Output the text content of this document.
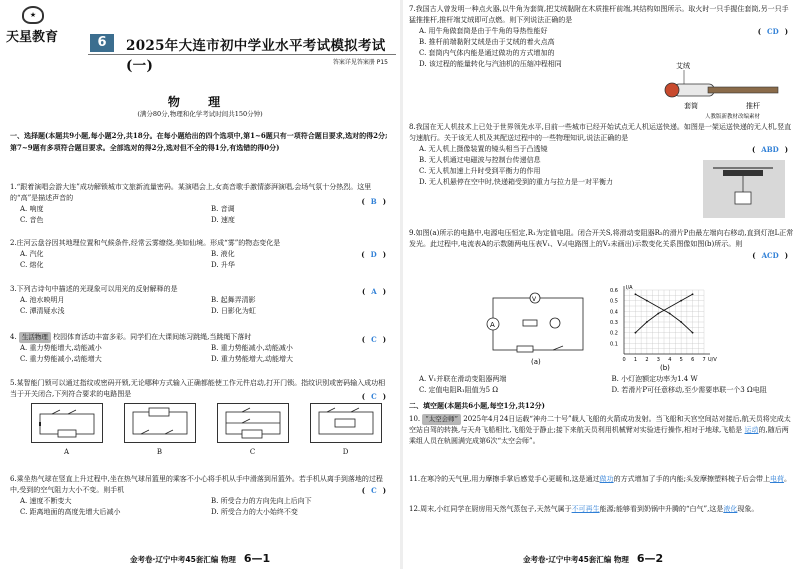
★
天星教育	6	2025年大连市初中学业水平考试模拟考试(一)	答案详见答案册 P15
物 理
(满分80分,物理和化学考试时间共150分钟)
一、选择题(本题共9小题,每小题2分,共18分。在每小题给出的四个选项中,第1~6题只有一项符合题目要求,选对的得2分;第7~9题有多项符合题目要求。全部选对的得2分,选对但不全的得1分,有选错的得0分)
1.“跟着演唱会游大连”成功解锁城市文旅新流量密码。某演唱会上,女高音歌手激情澎湃演唱,会场气氛十分热烈。这里的“高”是描述声音的	( B )
A. 响度	B. 音调
C. 音色	D. 速度
2.庄河云盘谷因其地理位置和气候条件,经常云雾缭绕,美如仙境。形成“雾”的物态变化是
( D )
A. 汽化	B. 液化
C. 熔化	D. 升华
3.下列古诗句中描述的光现象可以用光的反射解释的是	( A )
A. 池水映明月	B. 起舞弄清影
C. 潭清疑水浅	D. 日影化为虹
4. 生活物理 校园体育活动丰富多彩。同学们在大课间练习跳绳,当跳绳下落时	( C )
A. 重力势能增大,动能减小	B. 重力势能减小,动能减小
C. 重力势能减小,动能增大	D. 重力势能增大,动能增大
5.某智能门锁可以通过指纹或密码开锁,无论哪种方式输入正确都能使工作元件启动,打开门锁。指纹识别或密码输入成功相当于开关闭合,下列符合要求的电路图是	( C )
A	B	C	D
6.乘坐热气球在竖直上升过程中,坐在热气球吊篮里的乘客不小心将手机从手中滑落到吊篮外。若手机从离手到落地的过程中,受到的空气阻力大小不变。则手机	( C )
A. 速度不断变大	B. 所受合力的方向先向上后向下
C. 距离地面的高度先增大后减小	D. 所受合力的大小始终不变
金考卷·辽宁中考45套汇编 物理 6—1
7.我国古人曾发明一种点火器,以牛角为套筒,把艾绒黏附在木质推杆前端,其结构如图所示。取火时一只手握住套筒,另一只手猛推推杆,推杆端艾绒即可点燃。则下列说法正确的是
( CD )
A. 用牛角做套筒是由于牛角的导热性能好
B. 推杆前端黏附艾绒是由于艾绒的着火点高
C. 套筒内气体内能是通过做功的方式增加的
D. 该过程的能量转化与汽油机的压缩冲程相同	艾绒
套筒	推杆
人教版新教材改编素材
8.我国在无人机技术上已处于世界领先水平,目前一些城市已经开始试点无人机运送快递。如图是一架运送快递的无人机,竖直匀速航行。关于该无人机及其配送过程中的一些物理知识,说法正确的是
( ABD )
A. 无人机上摄像装置的镜头相当于凸透镜
B. 无人机通过电磁波与控制台传递信息
C. 无人机加速上升时受到平衡力的作用
D. 无人机悬停在空中时,快递箱受到的重力与拉力是一对平衡力
9.如图(a)所示的电路中,电源电压恒定,R₁为定值电阻。闭合开关S,将滑动变阻器R₂的滑片P由最左端向右移动,直到灯泡L正常发光。此过程中,电流表A的示数随两电压表V₁、V₂(电路图上的V₂未画出)示数变化关系图像如图(b)所示。则
( ACD )
A
V
(a)	0 1 2 3 4 5 6 7
0.1
0.2
0.3
0.4
0.5
0.6
U/V
I/A
(b)
A. V₁并联在滑动变阻器两端	B. 小灯泡额定功率为1.4 W
C. 定值电阻R₁阻值为5 Ω	D. 若滑片P可任意移动,至少需要串联一个3 Ω电阻
二、填空题(本题共6小题,每空1分,共12分)
10. “太空会师” 2025年4月24日运载“神舟二十号”载人飞船的火箭成功发射。当飞船和天宫空间站对接后,航天员将完成太空站自驾的转换,与天舟飞船相比,飞船处于静止;接下来航天员利用机械臂对实验进行操作,相对于地球,飞船是 运动的,随后两乘组人员在轨圆满完成第6次“太空会师”。
11.在寒冷的天气里,用力摩擦手掌后感觉手心更暖和,这是通过做功的方式增加了手的内能;头发摩擦塑料梳子后会带上电荷。
12.周末,小红同学在厨房用天然气蒸包子,天然气属于不可再生能源;能够看到奶锅中升腾的“白气”,这是液化现象。
金考卷·辽宁中考45套汇编 物理 6—2
